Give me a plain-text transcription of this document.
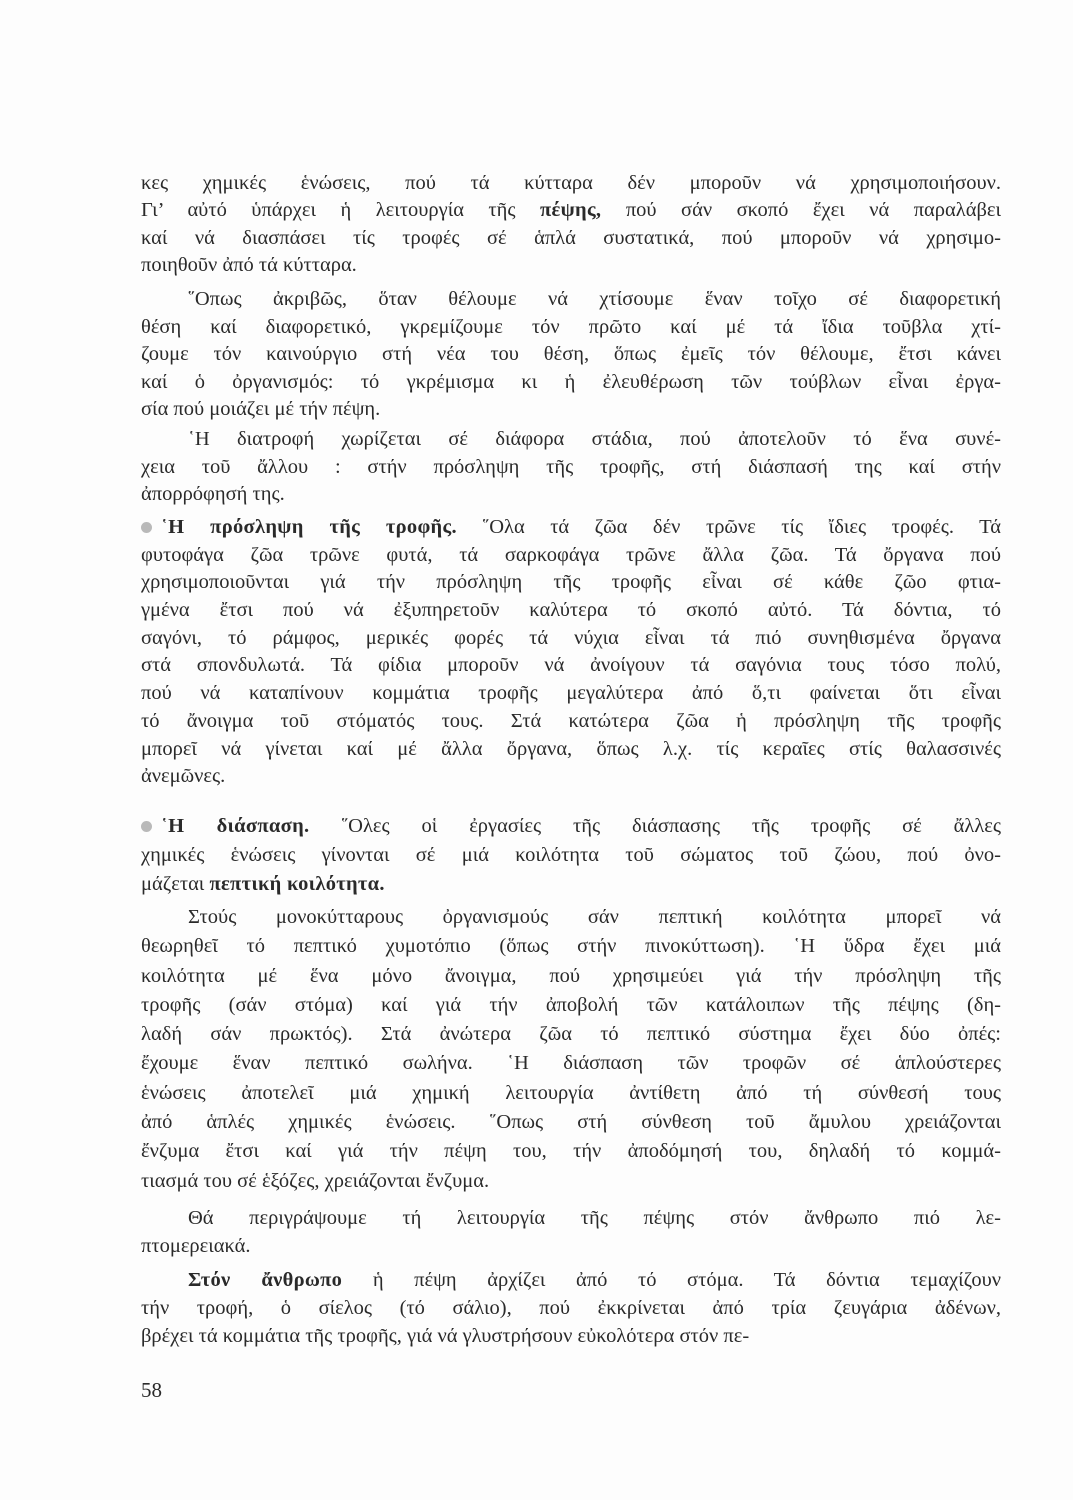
κες χημικές ἑνώσεις, πού τά κύτταρα δέν μποροῦν νά χρησιμοποιήσουν.
Γι’ αὐτό ὑπάρχει ἡ λειτουργία τῆς πέψης, πού σάν σκοπό ἔχει νά παραλάβει
καί νά διασπάσει τίς τροφές σέ ἁπλά συστατικά, πού μποροῦν νά χρησιμο-
ποιηθοῦν ἀπό τά κύτταρα.
῞Οπως ἀκριβῶς, ὅταν θέλουμε νά χτίσουμε ἕναν τοῖχο σέ διαφορετική
θέση καί διαφορετικό, γκρεμίζουμε τόν πρῶτο καί μέ τά ἴδια τοῦβλα χτί-
ζουμε τόν καινούργιο στή νέα του θέση, ὅπως ἐμεῖς τόν θέλουμε, ἔτσι κάνει
καί ὁ ὀργανισμός: τό γκρέμισμα κι ἡ ἐλευθέρωση τῶν τούβλων εἶναι ἐργα-
σία πού μοιάζει μέ τήν πέψη.
῾Η διατροφή χωρίζεται σέ διάφορα στάδια, πού ἀποτελοῦν τό ἕνα συνέ-
χεια τοῦ ἄλλου : στήν πρόσληψη τῆς τροφῆς, στή διάσπασή της καί στήν
ἀπορρόφησή της.
῾Η πρόσληψη τῆς τροφῆς. ῞Ολα τά ζῶα δέν τρῶνε τίς ἴδιες τροφές. Τά
φυτοφάγα ζῶα τρῶνε φυτά, τά σαρκοφάγα τρῶνε ἄλλα ζῶα. Τά ὄργανα πού
χρησιμοποιοῦνται γιά τήν πρόσληψη τῆς τροφῆς εἶναι σέ κάθε ζῶο φτια-
γμένα ἔτσι πού νά ἐξυπηρετοῦν καλύτερα τό σκοπό αὐτό. Τά δόντια, τό
σαγόνι, τό ράμφος, μερικές φορές τά νύχια εἶναι τά πιό συνηθισμένα ὄργανα
στά σπονδυλωτά. Τά φίδια μποροῦν νά ἀνοίγουν τά σαγόνια τους τόσο πολύ,
πού νά καταπίνουν κομμάτια τροφῆς μεγαλύτερα ἀπό ὅ,τι φαίνεται ὅτι εἶναι
τό ἄνοιγμα τοῦ στόματός τους. Στά κατώτερα ζῶα ἡ πρόσληψη τῆς τροφῆς
μπορεῖ νά γίνεται καί μέ ἄλλα ὄργανα, ὅπως λ.χ. τίς κεραῖες στίς θαλασσινές
ἀνεμῶνες.
῾Η διάσπαση. ῞Ολες οἱ ἐργασίες τῆς διάσπασης τῆς τροφῆς σέ ἄλλες
χημικές ἑνώσεις γίνονται σέ μιά κοιλότητα τοῦ σώματος τοῦ ζώου, πού ὀνο-
μάζεται πεπτική κοιλότητα.
Στούς μονοκύτταρους ὀργανισμούς σάν πεπτική κοιλότητα μπορεῖ νά
θεωρηθεῖ τό πεπτικό χυμοτόπιο (ὅπως στήν πινοκύττωση). ῾Η ὕδρα ἔχει μιά
κοιλότητα μέ ἕνα μόνο ἄνοιγμα, πού χρησιμεύει γιά τήν πρόσληψη τῆς
τροφῆς (σάν στόμα) καί γιά τήν ἀποβολή τῶν κατάλοιπων τῆς πέψης (δη-
λαδή σάν πρωκτός). Στά ἀνώτερα ζῶα τό πεπτικό σύστημα ἔχει δύο ὀπές:
ἔχουμε ἕναν πεπτικό σωλήνα. ῾Η διάσπαση τῶν τροφῶν σέ ἁπλούστερες
ἑνώσεις ἀποτελεῖ μιά χημική λειτουργία ἀντίθετη ἀπό τή σύνθεσή τους
ἀπό ἁπλές χημικές ἑνώσεις. ῞Οπως στή σύνθεση τοῦ ἄμυλου χρειάζονται
ἔνζυμα ἔτσι καί γιά τήν πέψη του, τήν ἀποδόμησή του, δηλαδή τό κομμά-
τιασμά του σέ ἑξόζες, χρειάζονται ἔνζυμα.
Θά περιγράψουμε τή λειτουργία τῆς πέψης στόν ἄνθρωπο πιό λε-
πτομερειακά.
Στόν ἄνθρωπο ἡ πέψη ἀρχίζει ἀπό τό στόμα. Τά δόντια τεμαχίζουν
τήν τροφή, ὁ σίελος (τό σάλιο), πού ἐκκρίνεται ἀπό τρία ζευγάρια ἀδένων,
βρέχει τά κομμάτια τῆς τροφῆς, γιά νά γλυστρήσουν εὐκολότερα στόν πε-
58
